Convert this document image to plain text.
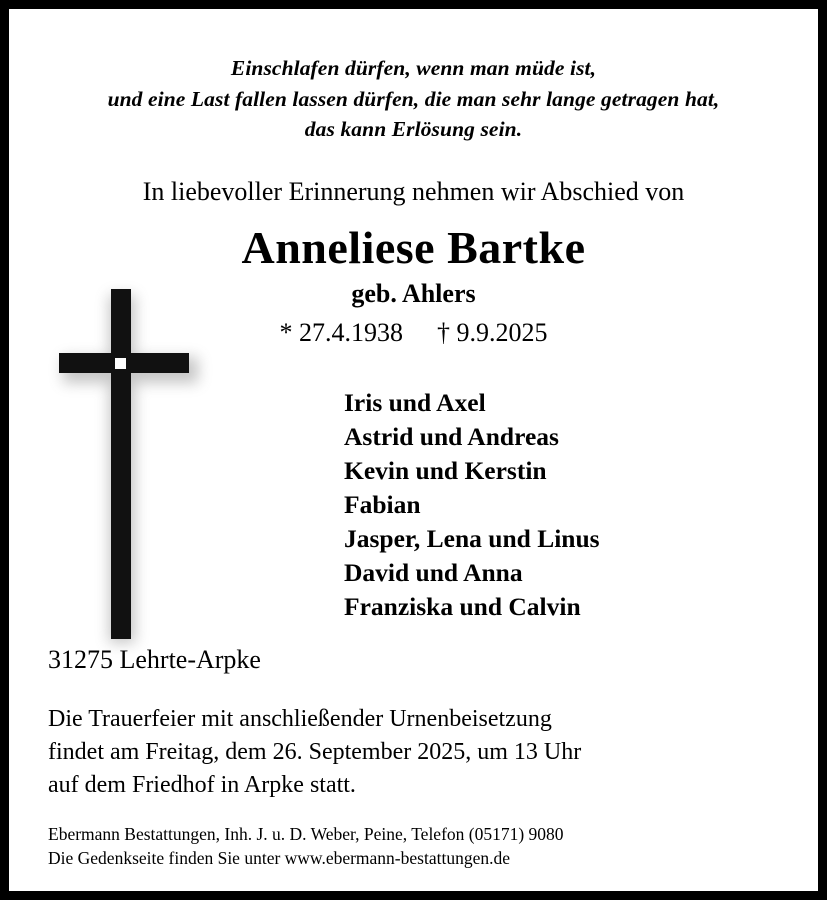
Einschlafen dürfen, wenn man müde ist,
und eine Last fallen lassen dürfen, die man sehr lange getragen hat,
das kann Erlösung sein.
In liebevoller Erinnerung nehmen wir Abschied von
Anneliese Bartke
geb. Ahlers
* 27.4.1938 † 9.9.2025
Iris und Axel
Astrid und Andreas
Kevin und Kerstin
Fabian
Jasper, Lena und Linus
David und Anna
Franziska und Calvin
31275 Lehrte-Arpke
Die Trauerfeier mit anschließender Urnenbeisetzung
findet am Freitag, dem 26. September 2025, um 13 Uhr
auf dem Friedhof in Arpke statt.
Ebermann Bestattungen, Inh. J. u. D. Weber, Peine, Telefon (05171) 9080
Die Gedenkseite finden Sie unter www.ebermann-bestattungen.de
